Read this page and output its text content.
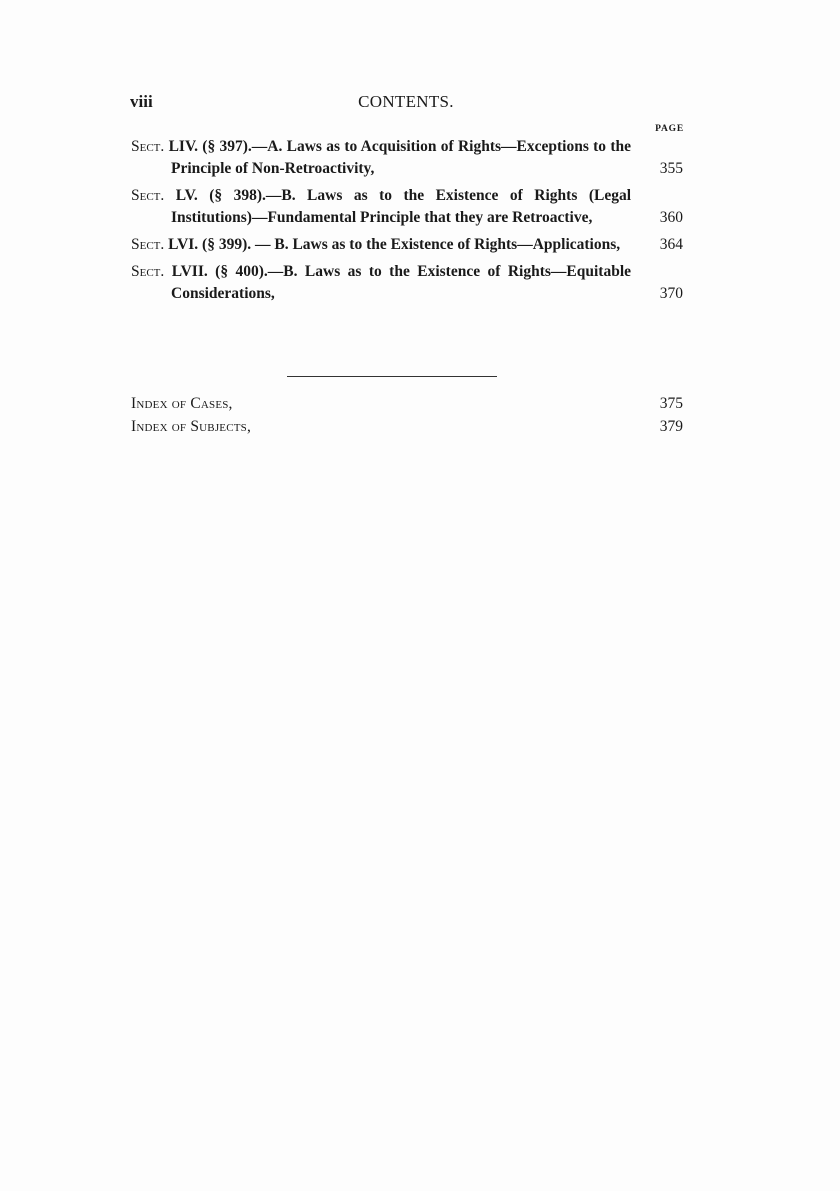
viii	CONTENTS.
PAGE
Sect. LIV. (§ 397).—A. Laws as to Acquisition of Rights—Exceptions to the Principle of Non-Retroactivity,	355
Sect. LV. (§ 398).—B. Laws as to the Existence of Rights (Legal Institutions)—Fundamental Principle that they are Retroactive,	360
Sect. LVI. (§ 399). — B. Laws as to the Existence of Rights—Applications,	364
Sect. LVII. (§ 400).—B. Laws as to the Existence of Rights—Equitable Considerations,	370
Index of Cases,	375
Index of Subjects,	379
